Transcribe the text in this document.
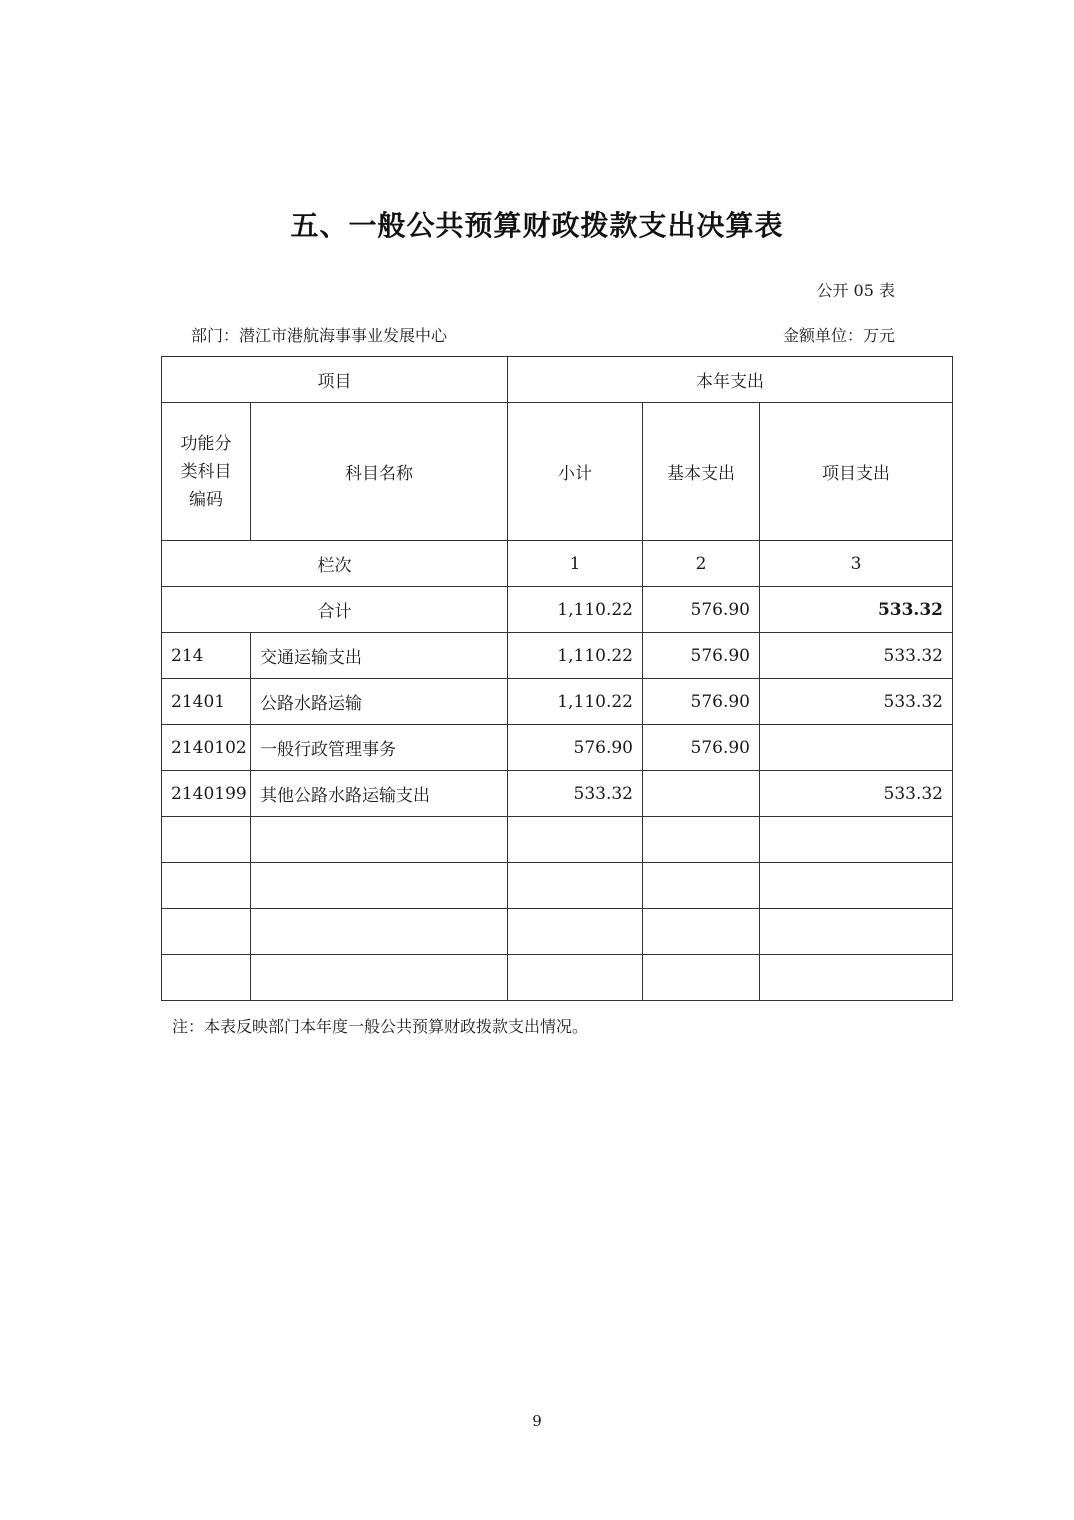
五、一般公共预算财政拨款支出决算表
公开 05 表
部门：潜江市港航海事事业发展中心	金额单位：万元
项目		本年支出		
功能分类科目编码	科目名称	小计	基本支出	项目支出
栏次		1	2	3
合计		1,110.22	576.90	533.32
214	交通运输支出	1,110.22	576.90	533.32
21401	公路水路运输	1,110.22	576.90	533.32
2140102	一般行政管理事务	576.90	576.90	
2140199	其他公路水路运输支出	533.32		533.32

注：本表反映部门本年度一般公共预算财政拨款支出情况。
9
